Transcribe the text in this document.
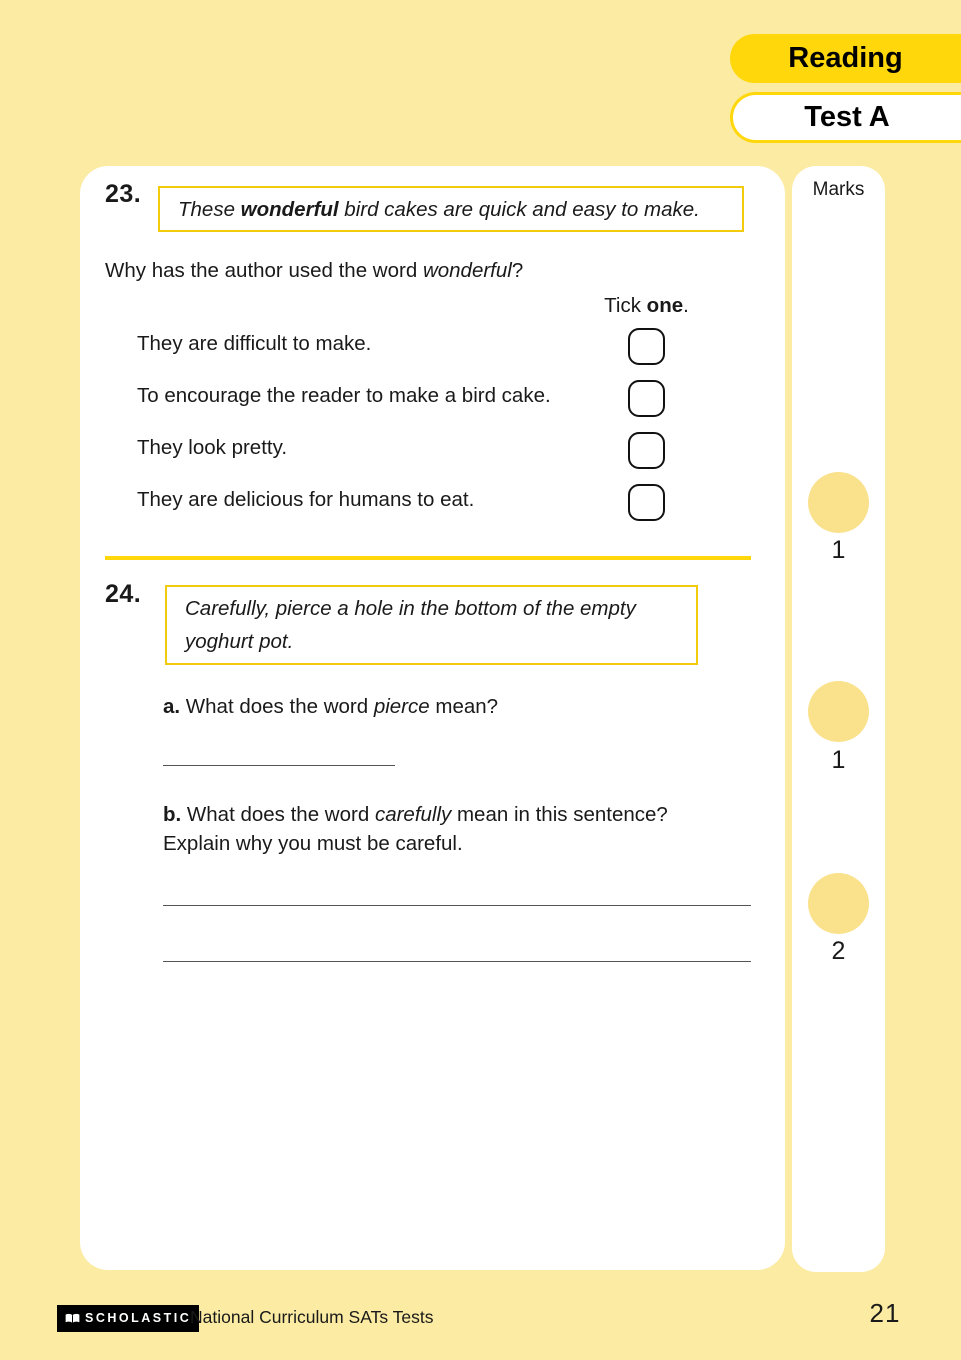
Reading
Test A
23.
These wonderful bird cakes are quick and easy to make.
Why has the author used the word wonderful?
Tick one.
They are difficult to make.
To encourage the reader to make a bird cake.
They look pretty.
They are delicious for humans to eat.
24.
Carefully, pierce a hole in the bottom of the empty yoghurt pot.
a. What does the word pierce mean?
b. What does the word carefully mean in this sentence? Explain why you must be careful.
Marks
1
1
2
SCHOLASTIC
National Curriculum SATs Tests	21
